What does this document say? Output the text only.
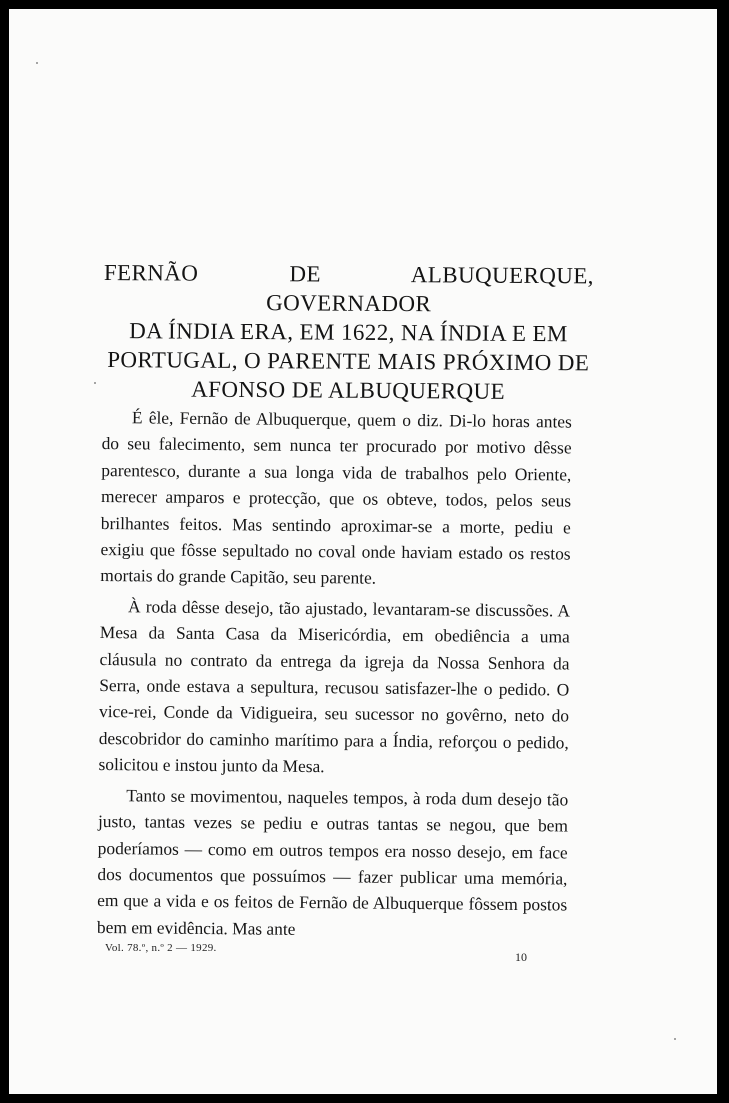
FERNÃO DE ALBUQUERQUE, GOVERNADOR
DA ÍNDIA ERA, EM 1622, NA ÍNDIA E EM
PORTUGAL, O PARENTE MAIS PRÓXIMO DE
AFONSO DE ALBUQUERQUE

É êle, Fernão de Albuquerque, quem o diz. Di-lo horas antes do seu falecimento, sem nunca ter procurado por motivo dêsse parentesco, durante a sua longa vida de trabalhos pelo Oriente, merecer amparos e protecção, que os obteve, todos, pelos seus brilhantes feitos. Mas sentindo aproximar-se a morte, pediu e exigiu que fôsse sepultado no coval onde haviam estado os restos mortais do grande Capitão, seu parente.

À roda dêsse desejo, tão ajustado, levantaram-se discussões. A Mesa da Santa Casa da Misericórdia, em obediência a uma cláusula no contrato da entrega da igreja da Nossa Senhora da Serra, onde estava a sepultura, recusou satisfazer-lhe o pedido. O vice-rei, Conde da Vidigueira, seu sucessor no govêrno, neto do descobridor do caminho marítimo para a Índia, reforçou o pedido, solicitou e instou junto da Mesa.

Tanto se movimentou, naqueles tempos, à roda dum desejo tão justo, tantas vezes se pediu e outras tantas se negou, que bem poderíamos — como em outros tempos era nosso desejo, em face dos documentos que possuímos — fazer publicar uma memória, em que a vida e os feitos de Fernão de Albuquerque fôssem postos bem em evidência. Mas ante

Vol. 78.º, n.º 2 — 1929.
10
